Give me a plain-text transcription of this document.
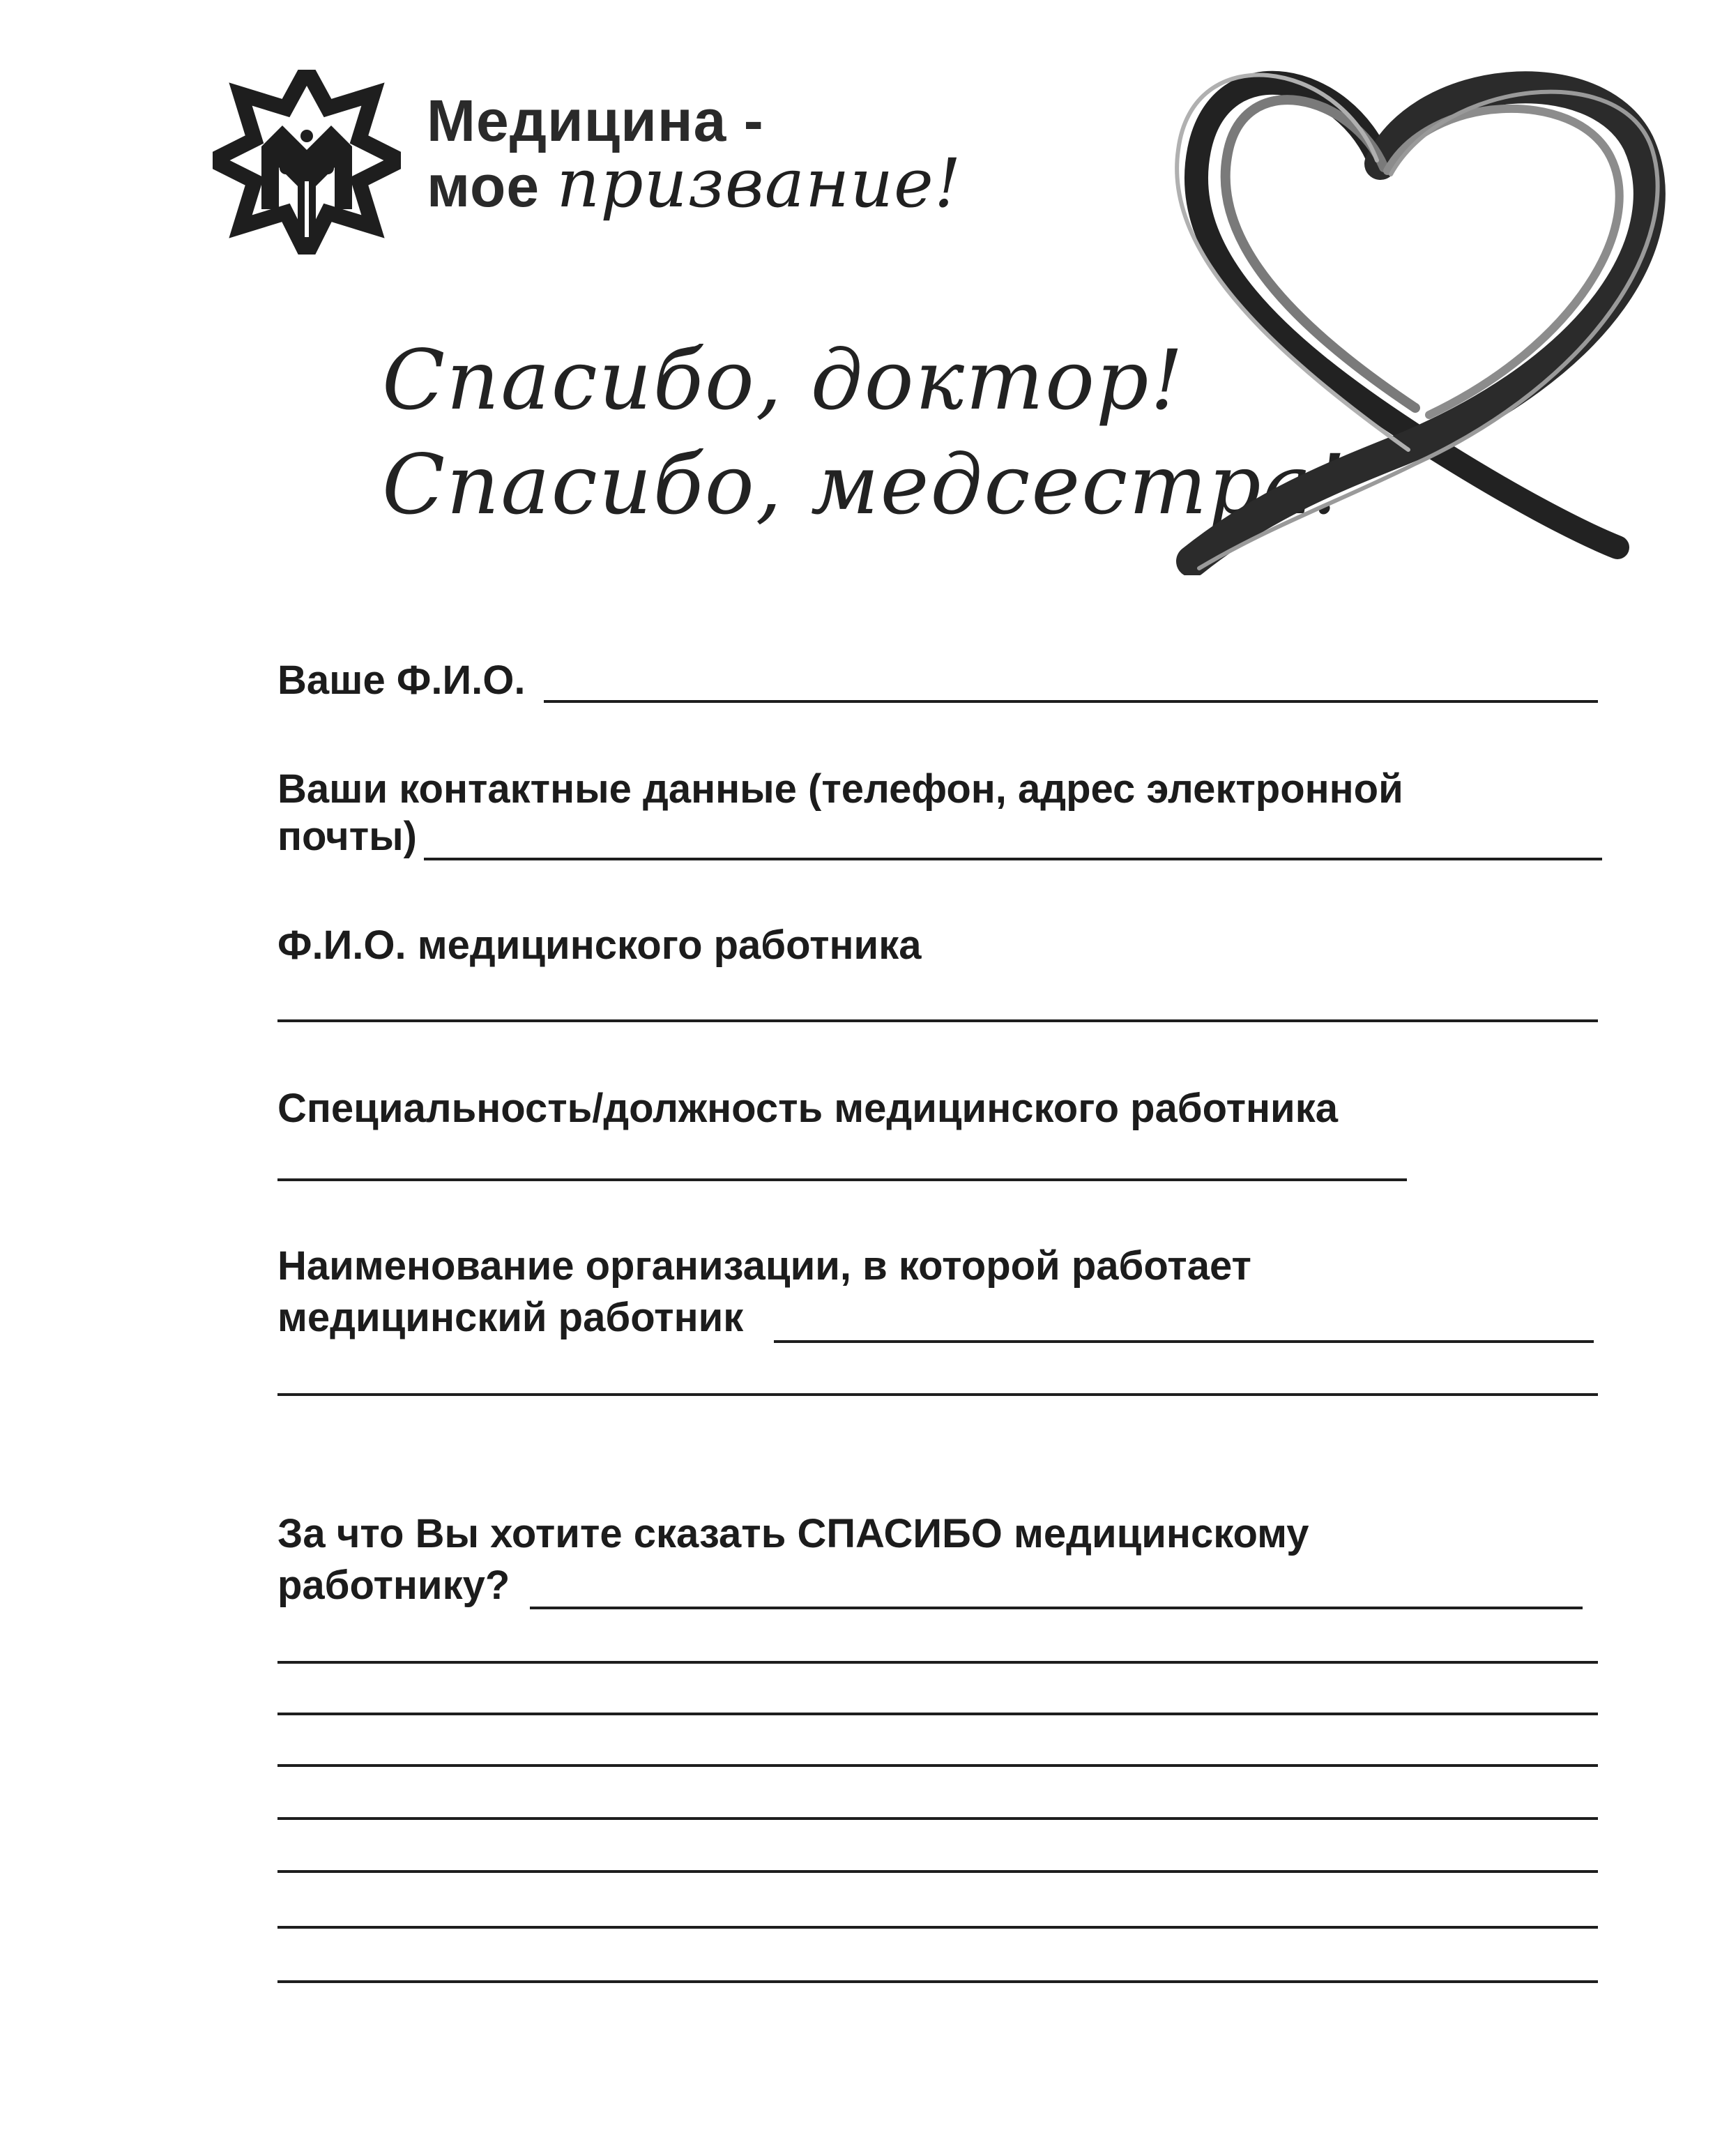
Медицина -
мое призвание!
Спасибо, доктор!
Спасибо, медсестра!
Ваше Ф.И.О.
Ваши контактные данные (телефон, адрес электронной
почты)
Ф.И.О. медицинского работника
Специальность/должность медицинского работника
Наименование организации, в которой работает
медицинский работник
За что Вы хотите сказать СПАСИБО медицинскому
работнику?
